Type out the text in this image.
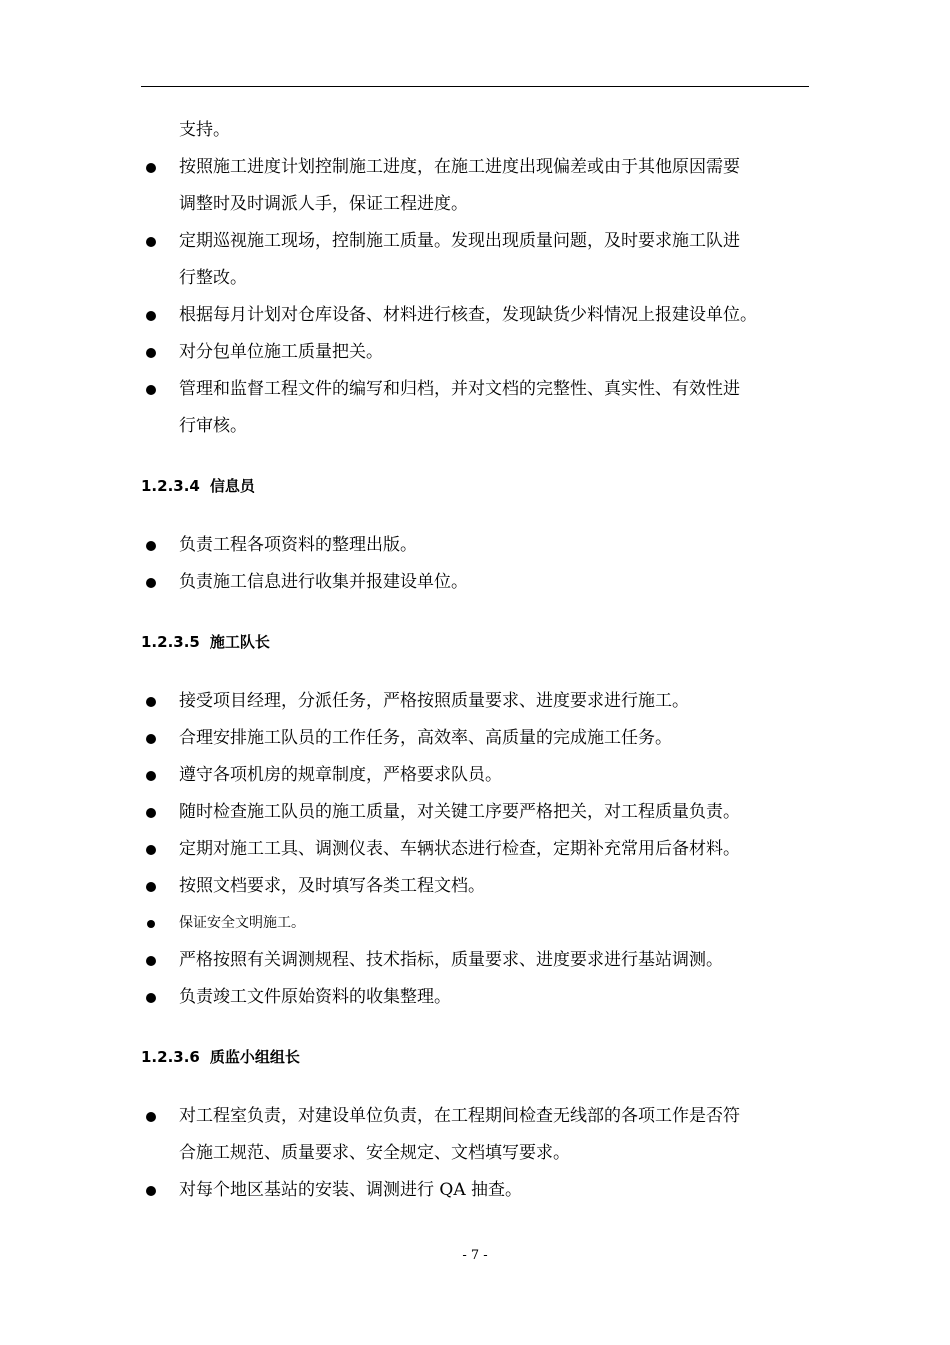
支持。
按照施工进度计划控制施工进度，在施工进度出现偏差或由于其他原因需要
调整时及时调派人手，保证工程进度。
定期巡视施工现场，控制施工质量。发现出现质量问题，及时要求施工队进
行整改。
根据每月计划对仓库设备、材料进行核查，发现缺货少料情况上报建设单位。
对分包单位施工质量把关。
管理和监督工程文件的编写和归档，并对文档的完整性、真实性、有效性进
行审核。
1.2.3.4 信息员
负责工程各项资料的整理出版。
负责施工信息进行收集并报建设单位。
1.2.3.5 施工队长
接受项目经理，分派任务，严格按照质量要求、进度要求进行施工。
合理安排施工队员的工作任务，高效率、高质量的完成施工任务。
遵守各项机房的规章制度，严格要求队员。
随时检查施工队员的施工质量，对关键工序要严格把关，对工程质量负责。
定期对施工工具、调测仪表、车辆状态进行检查，定期补充常用后备材料。
按照文档要求，及时填写各类工程文档。
保证安全文明施工。
严格按照有关调测规程、技术指标，质量要求、进度要求进行基站调测。
负责竣工文件原始资料的收集整理。
1.2.3.6 质监小组组长
对工程室负责，对建设单位负责，在工程期间检查无线部的各项工作是否符
合施工规范、质量要求、安全规定、文档填写要求。
对每个地区基站的安装、调测进行 QA 抽查。
- 7 -
